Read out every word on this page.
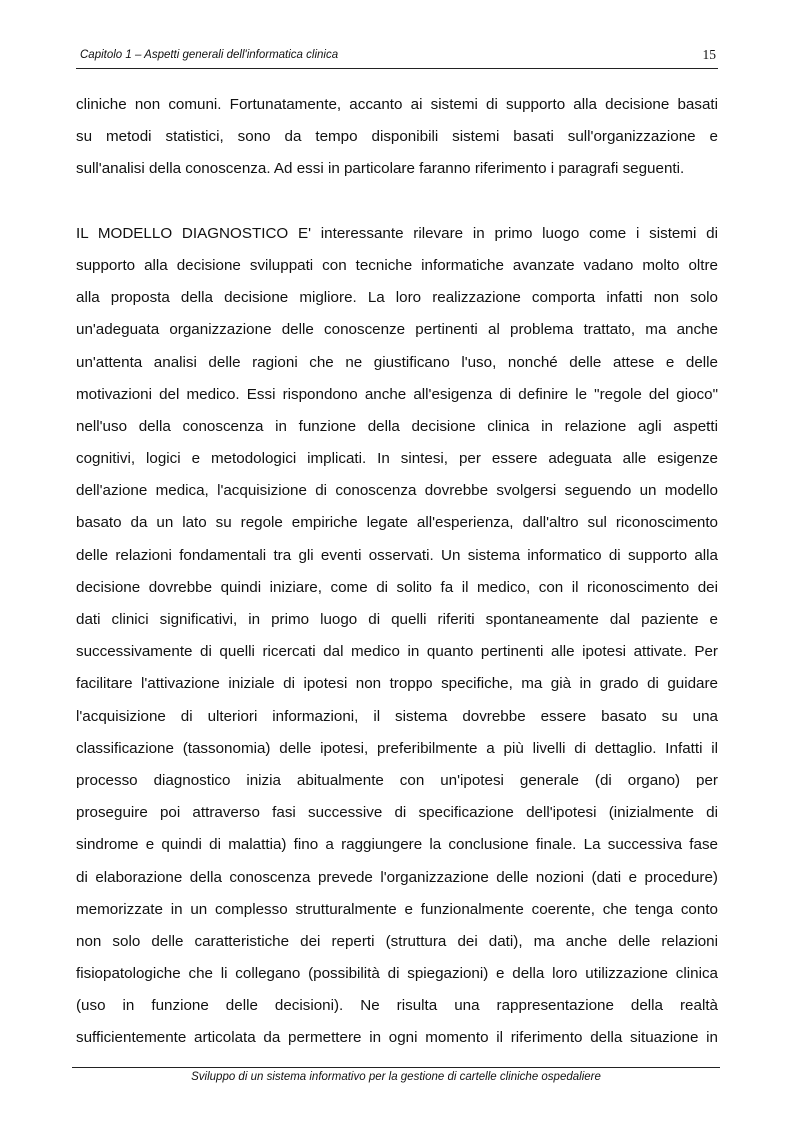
Capitolo 1 – Aspetti generali dell'informatica clinica	15
cliniche non comuni. Fortunatamente, accanto ai sistemi di supporto alla decisione basati
su metodi statistici, sono da tempo disponibili sistemi basati sull'organizzazione e
sull'analisi della conoscenza. Ad essi in particolare faranno riferimento i paragrafi seguenti.
IL MODELLO DIAGNOSTICO E' interessante rilevare in primo luogo come i sistemi di
supporto alla decisione sviluppati con tecniche informatiche avanzate vadano molto oltre
alla proposta della decisione migliore. La loro realizzazione comporta infatti non solo
un'adeguata organizzazione delle conoscenze pertinenti al problema trattato, ma anche
un'attenta analisi delle ragioni che ne giustificano l'uso, nonché delle attese e delle
motivazioni del medico. Essi rispondono anche all'esigenza di definire le "regole del gioco"
nell'uso della conoscenza in funzione della decisione clinica in relazione agli aspetti
cognitivi, logici e metodologici implicati. In sintesi, per essere adeguata alle esigenze
dell'azione medica, l'acquisizione di conoscenza dovrebbe svolgersi seguendo un modello
basato da un lato su regole empiriche legate all'esperienza, dall'altro sul riconoscimento
delle relazioni fondamentali tra gli eventi osservati. Un sistema informatico di supporto alla
decisione dovrebbe quindi iniziare, come di solito fa il medico, con il riconoscimento dei
dati clinici significativi, in primo luogo di quelli riferiti spontaneamente dal paziente e
successivamente di quelli ricercati dal medico in quanto pertinenti alle ipotesi attivate. Per
facilitare l'attivazione iniziale di ipotesi non troppo specifiche, ma già in grado di guidare
l'acquisizione di ulteriori informazioni, il sistema dovrebbe essere basato su una
classificazione (tassonomia) delle ipotesi, preferibilmente a più livelli di dettaglio. Infatti il
processo diagnostico inizia abitualmente con un'ipotesi generale (di organo) per
proseguire poi attraverso fasi successive di specificazione dell'ipotesi (inizialmente di
sindrome e quindi di malattia) fino a raggiungere la conclusione finale. La successiva fase
di elaborazione della conoscenza prevede l'organizzazione delle nozioni (dati e procedure)
memorizzate in un complesso strutturalmente e funzionalmente coerente, che tenga conto
non solo delle caratteristiche dei reperti (struttura dei dati), ma anche delle relazioni
fisiopatologiche che li collegano (possibilità di spiegazioni) e della loro utilizzazione clinica
(uso in funzione delle decisioni). Ne risulta una rappresentazione della realtà
sufficientemente articolata da permettere in ogni momento il riferimento della situazione in
Sviluppo di un sistema informativo per la gestione di cartelle cliniche ospedaliere
